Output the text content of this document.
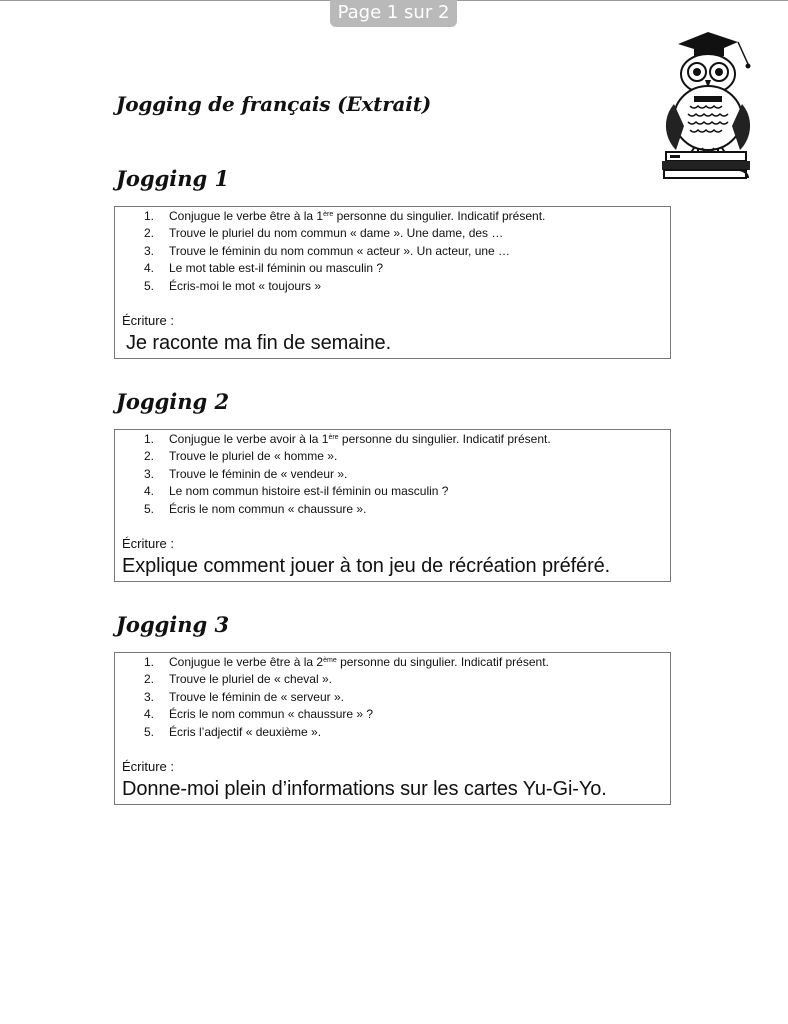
Page 1 sur 2
Jogging de français (Extrait)
Jogging 1
1. Conjugue le verbe être à la 1ère personne du singulier. Indicatif présent.
2. Trouve le pluriel du nom commun « dame ». Une dame, des …
3. Trouve le féminin du nom commun « acteur ». Un acteur, une …
4. Le mot table est-il féminin ou masculin ?
5. Écris-moi le mot « toujours »
Écriture :
Je raconte ma fin de semaine.
Jogging 2
1. Conjugue le verbe avoir à la 1ère personne du singulier. Indicatif présent.
2. Trouve le pluriel de « homme ».
3. Trouve le féminin de « vendeur ».
4. Le nom commun histoire est-il féminin ou masculin ?
5. Écris le nom commun « chaussure ».
Écriture :
Explique comment jouer à ton jeu de récréation préféré.
Jogging 3
1. Conjugue le verbe être à la 2ème personne du singulier. Indicatif présent.
2. Trouve le pluriel de « cheval ».
3. Trouve le féminin de « serveur ».
4. Écris le nom commun « chaussure » ?
5. Écris l’adjectif « deuxième ».
Écriture :
Donne-moi plein d’informations sur les cartes Yu-Gi-Yo.
